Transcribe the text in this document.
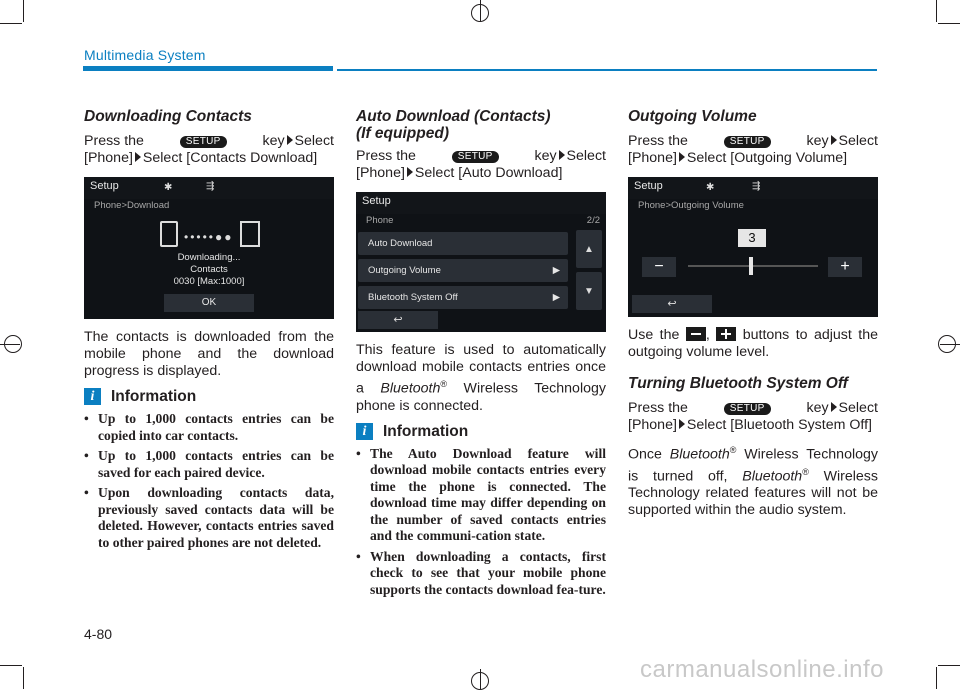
Multimedia System
Downloading Contacts
Press the	SETUP	key Select
[Phone] Select [Contacts Download]
Setup	✱	⇶
Phone>Download
•••••●●
Downloading...
Contacts
0030 [Max:1000]
OK

The contacts is downloaded from the mobile phone and the download progress is displayed.

i	Information
• Up to 1,000 contacts entries can be copied into car contacts.
• Up to 1,000 contacts entries can be saved for each paired device.
• Upon downloading contacts data, previously saved contacts data will be deleted. However, contacts entries saved to other paired phones are not deleted.
Auto Download (Contacts)
(If equipped)
Press the	SETUP	key Select
[Phone] Select [Auto Download]
Setup
Phone	2/2
Auto Download
Outgoing Volume	▶
Bluetooth System Off	▶
▲
▼
↩

This feature is used to automatically download mobile contacts entries once a Bluetooth® Wireless Technology phone is connected.

i	Information
• The Auto Download feature will download mobile contacts entries every time the phone is connected. The download time may differ depending on the number of saved contacts entries and the communi-cation state.
• When downloading a contacts, first check to see that your mobile phone supports the contacts download fea-ture.
Outgoing Volume
Press the	SETUP	key Select
[Phone] Select [Outgoing Volume]
Setup	✱	⇶
Phone>Outgoing Volume
3
−	+
↩

Use the , buttons to adjust the outgoing volume level.

Turning Bluetooth System Off
Press the	SETUP	key Select

[Phone] Select [Bluetooth System Off]

Once Bluetooth® Wireless Technology is turned off, Bluetooth® Wireless Technology related features will not be supported within the audio system.

4-80
carmanualsonline.info
